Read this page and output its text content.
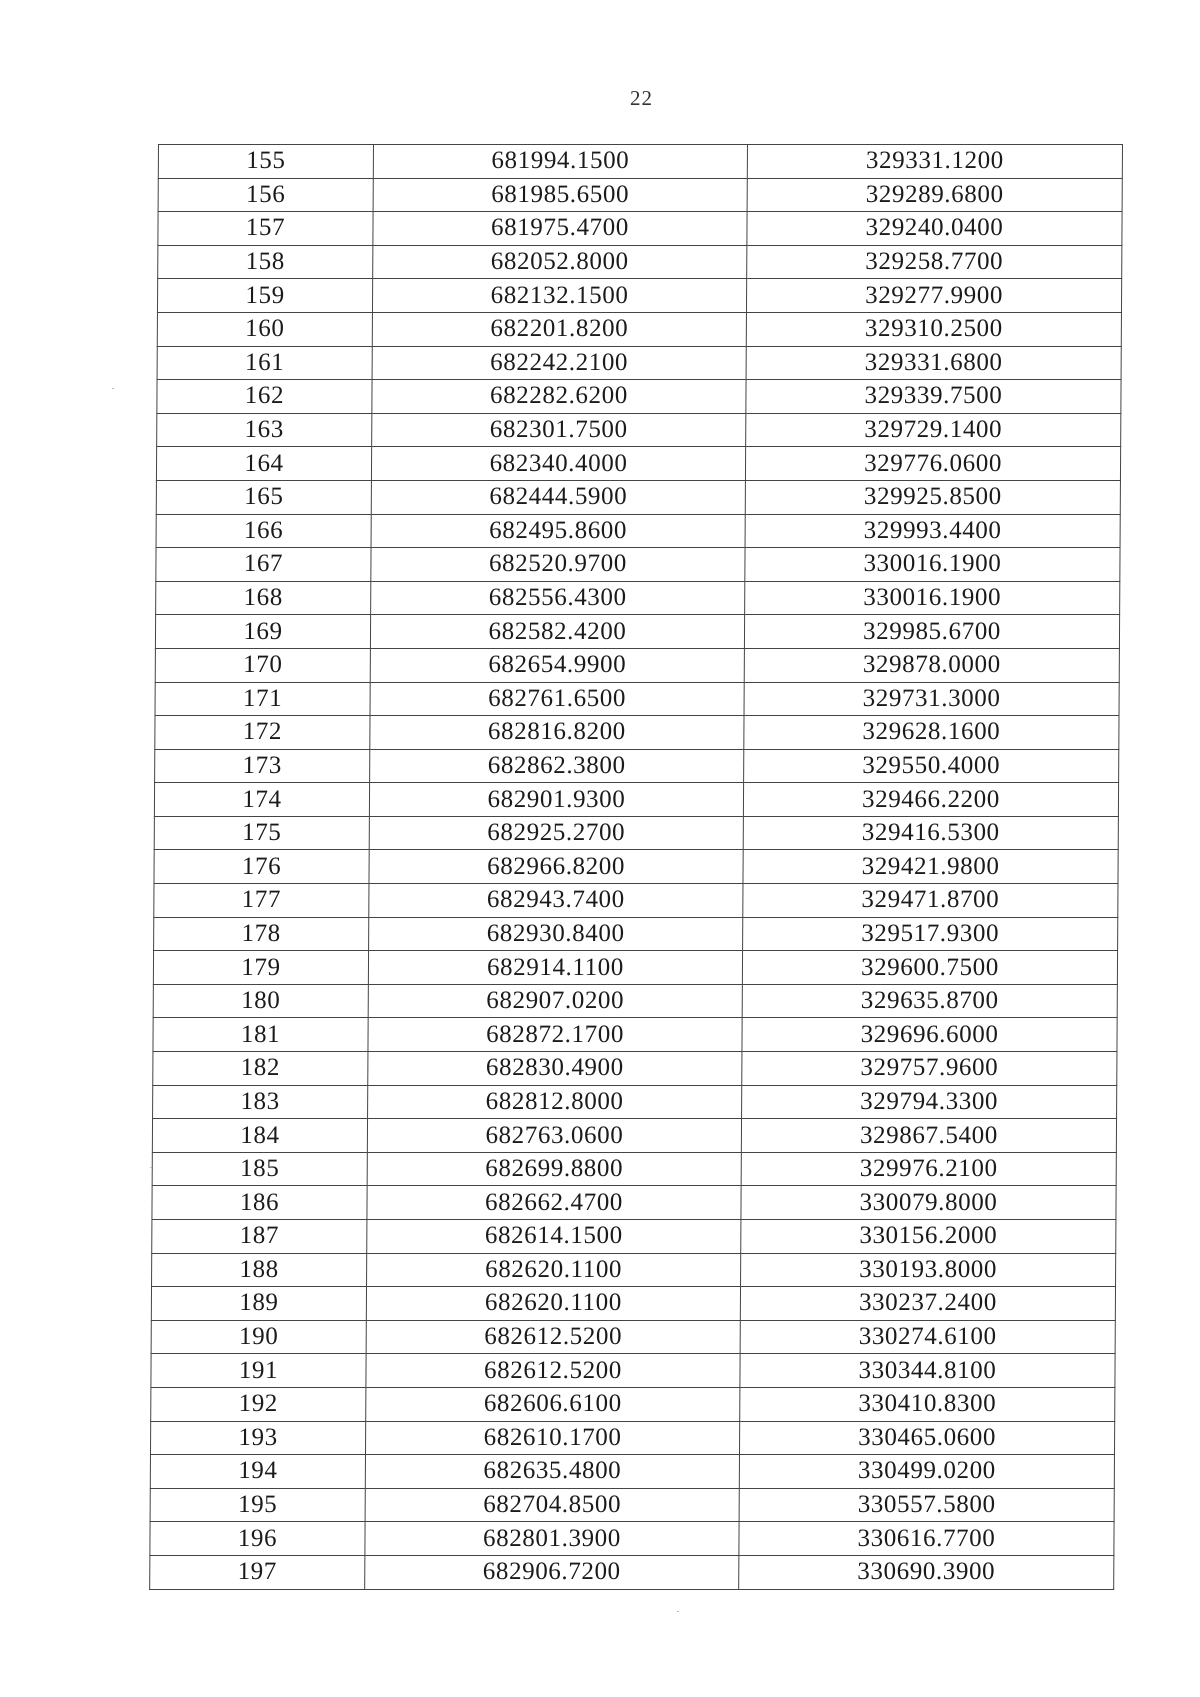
22
155	681994.1500	329331.1200
156	681985.6500	329289.6800
157	681975.4700	329240.0400
158	682052.8000	329258.7700
159	682132.1500	329277.9900
160	682201.8200	329310.2500
161	682242.2100	329331.6800
162	682282.6200	329339.7500
163	682301.7500	329729.1400
164	682340.4000	329776.0600
165	682444.5900	329925.8500
166	682495.8600	329993.4400
167	682520.9700	330016.1900
168	682556.4300	330016.1900
169	682582.4200	329985.6700
170	682654.9900	329878.0000
171	682761.6500	329731.3000
172	682816.8200	329628.1600
173	682862.3800	329550.4000
174	682901.9300	329466.2200
175	682925.2700	329416.5300
176	682966.8200	329421.9800
177	682943.7400	329471.8700
178	682930.8400	329517.9300
179	682914.1100	329600.7500
180	682907.0200	329635.8700
181	682872.1700	329696.6000
182	682830.4900	329757.9600
183	682812.8000	329794.3300
184	682763.0600	329867.5400
185	682699.8800	329976.2100
186	682662.4700	330079.8000
187	682614.1500	330156.2000
188	682620.1100	330193.8000
189	682620.1100	330237.2400
190	682612.5200	330274.6100
191	682612.5200	330344.8100
192	682606.6100	330410.8300
193	682610.1700	330465.0600
194	682635.4800	330499.0200
195	682704.8500	330557.5800
196	682801.3900	330616.7700
197	682906.7200	330690.3900
